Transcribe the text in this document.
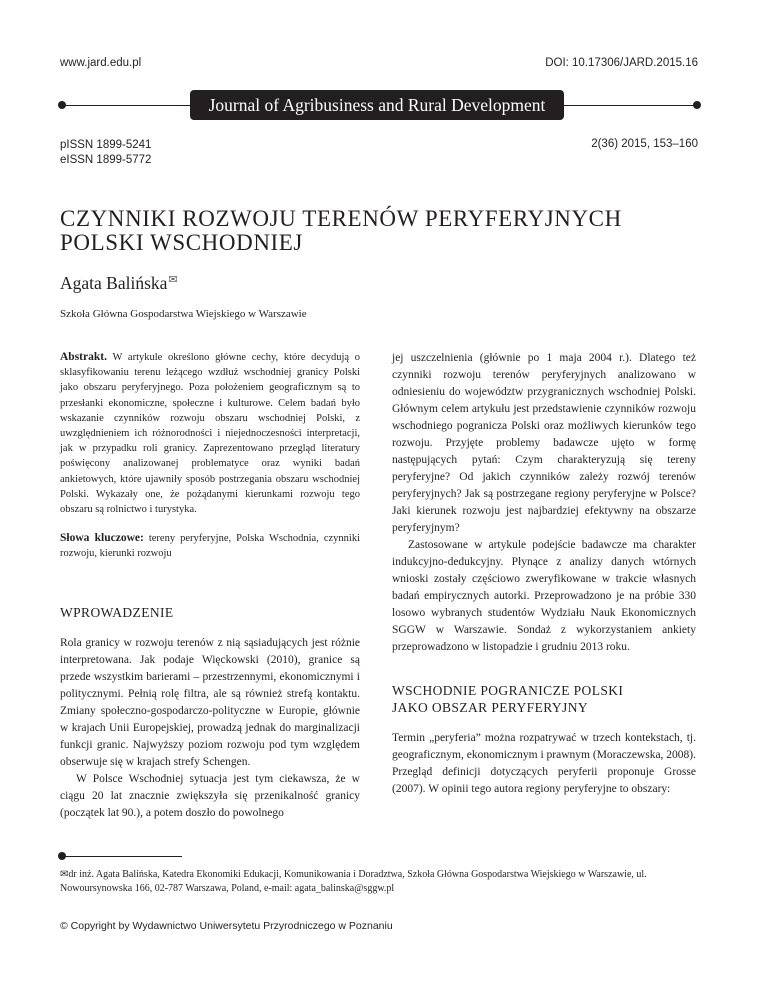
www.jard.edu.pl	DOI: 10.17306/JARD.2015.16
Journal of Agribusiness and Rural Development
pISSN 1899-5241
eISSN 1899-5772
2(36) 2015, 153–160
CZYNNIKI ROZWOJU TERENÓW PERYFERYJNYCH
POLSKI WSCHODNIEJ
Agata Balińska✉
Szkoła Główna Gospodarstwa Wiejskiego w Warszawie

Abstrakt. W artykule określono główne cechy, które decydują o sklasyfikowaniu terenu leżącego wzdłuż wschodniej granicy Polski jako obszaru peryferyjnego. Poza położeniem geograficznym są to przesłanki ekonomiczne, społeczne i kulturowe. Celem badań było wskazanie czynników rozwoju obszaru wschodniej Polski, z uwzględnieniem ich różnorodności i niejednoczesności interpretacji, jak w przypadku roli granicy. Zaprezentowano przegląd literatury poświęcony analizowanej problematyce oraz wyniki badań ankietowych, które ujawniły sposób postrzegania obszaru wschodniej Polski. Wykazały one, że pożądanymi kierunkami rozwoju tego obszaru są rolnictwo i turystyka.

Słowa kluczowe: tereny peryferyjne, Polska Wschodnia, czynniki rozwoju, kierunki rozwoju

WPROWADZENIE

Rola granicy w rozwoju terenów z nią sąsiadujących jest różnie interpretowana. Jak podaje Więckowski (2010), granice są przede wszystkim barierami – przestrzennymi, ekonomicznymi i politycznymi. Pełnią rolę filtra, ale są również strefą kontaktu. Zmiany społeczno-gospodarczo-polityczne w Europie, głównie w krajach Unii Europejskiej, prowadzą jednak do marginalizacji funkcji granic. Najwyższy poziom rozwoju pod tym względem obserwuje się w krajach strefy Schengen.

W Polsce Wschodniej sytuacja jest tym ciekawsza, że w ciągu 20 lat znacznie zwiększyła się przenikalność granicy (początek lat 90.), a potem doszło do powolnego

jej uszczelnienia (głównie po 1 maja 2004 r.). Dlatego też czynniki rozwoju terenów peryferyjnych analizowano w odniesieniu do województw przygranicznych wschodniej Polski. Głównym celem artykułu jest przedstawienie czynników rozwoju wschodniego pogranicza Polski oraz możliwych kierunków tego rozwoju. Przyjęte problemy badawcze ujęto w formę następujących pytań: Czym charakteryzują się tereny peryferyjne? Od jakich czynników zależy rozwój terenów peryferyjnych? Jak są postrzegane regiony peryferyjne w Polsce? Jaki kierunek rozwoju jest najbardziej efektywny na obszarze peryferyjnym?

Zastosowane w artykule podejście badawcze ma charakter indukcyjno-dedukcyjny. Płynące z analizy danych wtórnych wnioski zostały częściowo zweryfikowane w trakcie własnych badań empirycznych autorki. Przeprowadzono je na próbie 330 losowo wybranych studentów Wydziału Nauk Ekonomicznych SGGW w Warszawie. Sondaż z wykorzystaniem ankiety przeprowadzono w listopadzie i grudniu 2013 roku.

WSCHODNIE POGRANICZE POLSKI
JAKO OBSZAR PERYFERYJNY

Termin „peryferia” można rozpatrywać w trzech kontekstach, tj. geograficznym, ekonomicznym i prawnym (Moraczewska, 2008). Przegląd definicji dotyczących peryferii proponuje Grosse (2007). W opinii tego autora regiony peryferyjne to obszary:

✉dr inż. Agata Balińska, Katedra Ekonomiki Edukacji, Komunikowania i Doradztwa, Szkoła Główna Gospodarstwa Wiejskiego w Warszawie, ul. Nowoursynowska 166, 02-787 Warszawa, Poland, e-mail: agata_balinska@sggw.pl
© Copyright by Wydawnictwo Uniwersytetu Przyrodniczego w Poznaniu
